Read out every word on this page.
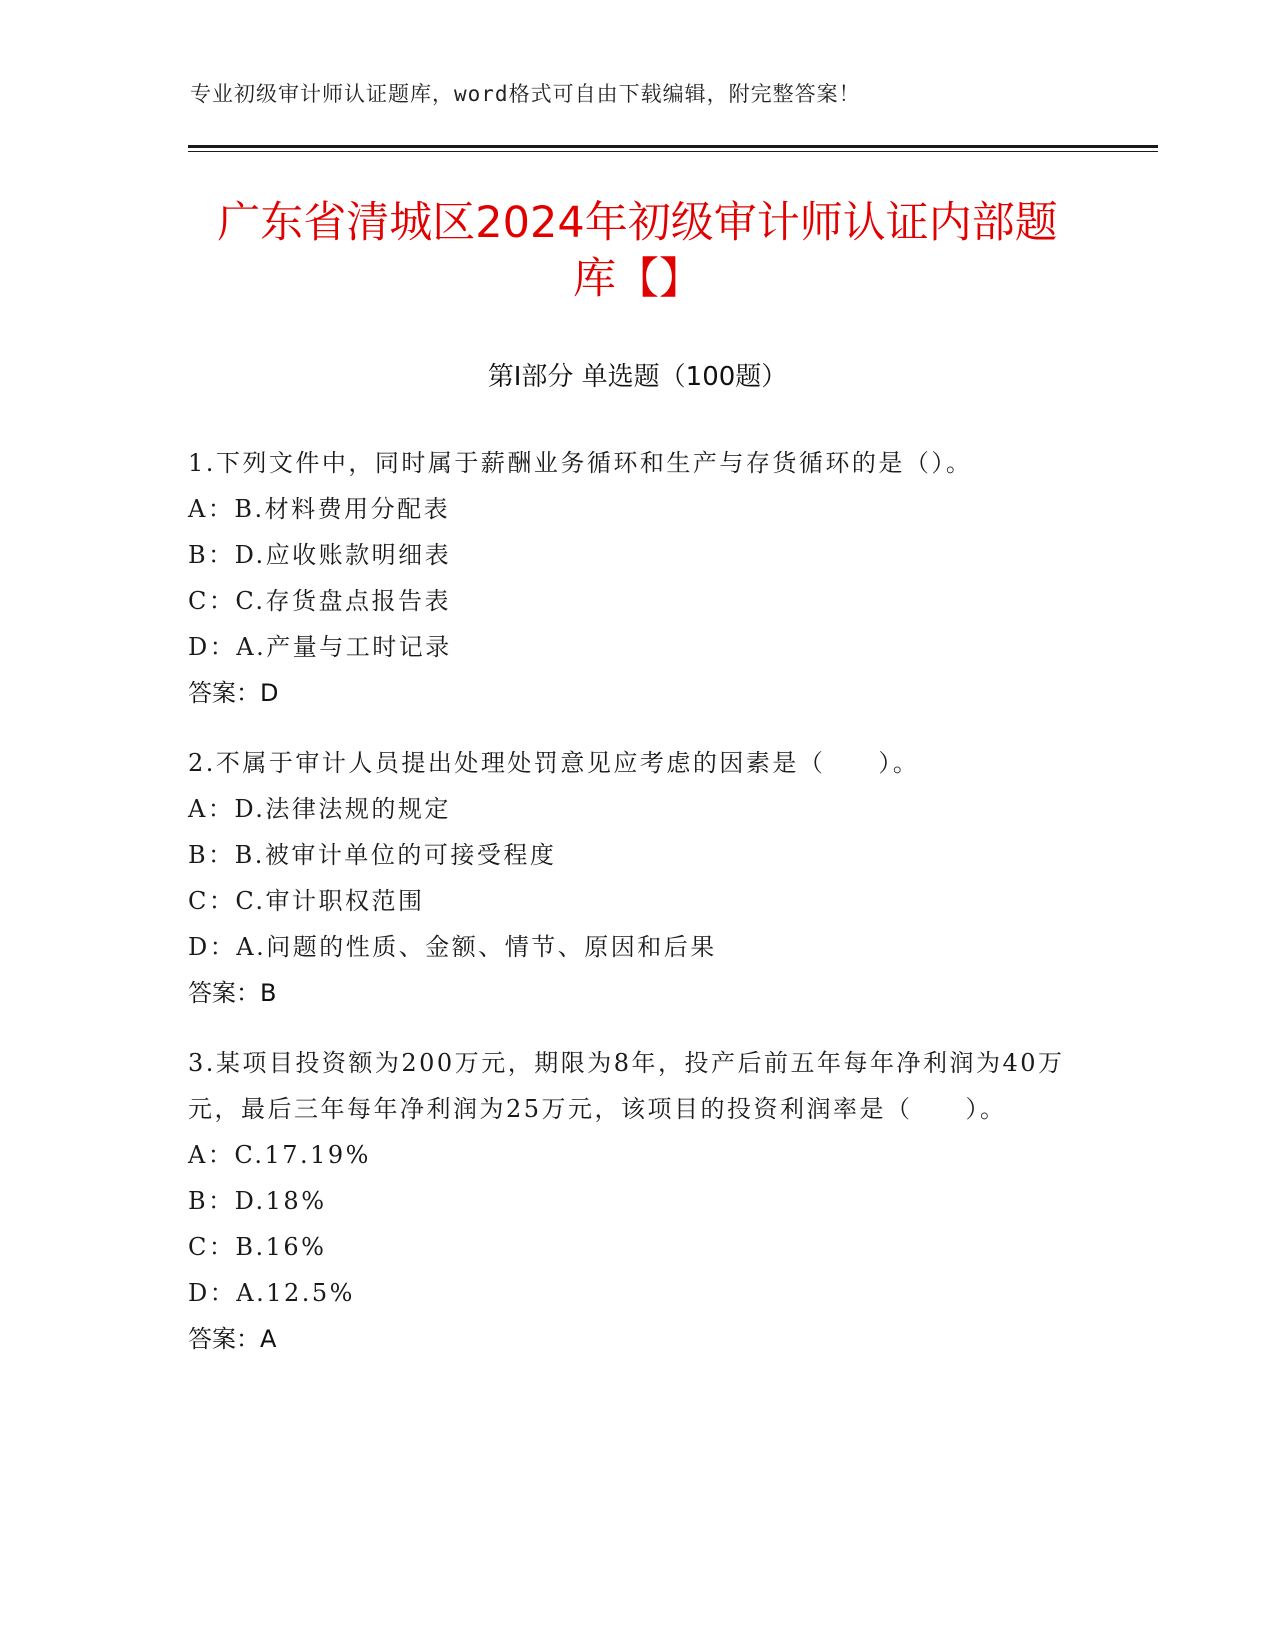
专业初级审计师认证题库，word格式可自由下载编辑，附完整答案！
广东省清城区2024年初级审计师认证内部题
库【】
第Ⅰ部分 单选题（100题）
1.下列文件中，同时属于薪酬业务循环和生产与存货循环的是（）。
A：B.材料费用分配表
B：D.应收账款明细表
C：C.存货盘点报告表
D：A.产量与工时记录
答案：D
2.不属于审计人员提出处理处罚意见应考虑的因素是（　　）。
A：D.法律法规的规定
B：B.被审计单位的可接受程度
C：C.审计职权范围
D：A.问题的性质、金额、情节、原因和后果
答案：B
3.某项目投资额为200万元，期限为8年，投产后前五年每年净利润为40万元，最后三年每年净利润为25万元，该项目的投资利润率是（　　）。
A：C.17.19%
B：D.18%
C：B.16%
D：A.12.5%
答案：A
